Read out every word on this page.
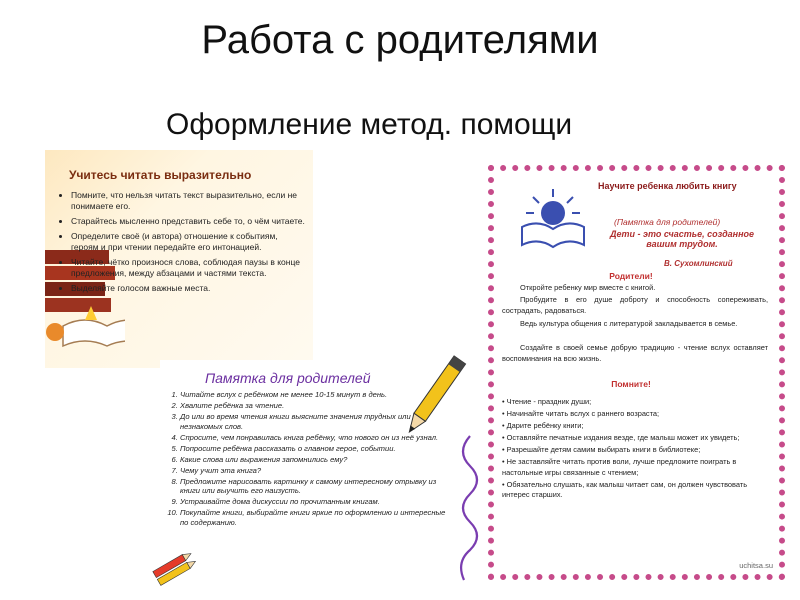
Работа с родителями
Оформление метод. помощи
Учитесь читать выразительно
• Помните, что нельзя читать текст выразительно, если не понимаете его.
• Старайтесь мысленно представить себе то, о чём читаете.
• Определите своё (и автора) отношение к событиям, героям и при чтении передайте его интонацией.
• Читайте, чётко произнося слова, соблюдая паузы в конце предложения, между абзацами и частями текста.
• Выделяйте голосом важные места.
Памятка для родителей
1. Читайте вслух с ребёнком не менее 10-15 минут в день.
2. Хвалите ребёнка за чтение.
3. До или во время чтения книги выясните значения трудных или незнакомых слов.
4. Спросите, чем понравилась книга ребёнку, что нового он из неё узнал.
5. Попросите ребёнка рассказать о главном герое, событии.
6. Какие слова или выражения запомнились ему?
7. Чему учит эта книга?
8. Предложите нарисовать картинку к самому интересному отрывку из книги или выучить его наизусть.
9. Устраивайте дома дискуссии по прочитанным книгам.
10. Покупайте книги, выбирайте книги яркие по оформлению и интересные по содержанию.
Научите ребенка любить книгу
(Памятка для родителей)
Дети - это счастье, созданное вашим трудом.
В. Сухомлинский
Родители!
Откройте ребенку мир вместе с книгой.
Пробудите в его душе доброту и способность сопереживать, сострадать, радоваться.
Ведь культура общения с литературой закладывается в семье.
Создайте в своей семье добрую традицию - чтение вслух оставляет воспоминания на всю жизнь.
Помните!
• Чтение - праздник души;
• Начинайте читать вслух с раннего возраста;
• Дарите ребёнку книги;
• Оставляйте печатные издания везде, где малыш может их увидеть;
• Разрешайте детям самим выбирать книги в библиотеке;
• Не заставляйте читать против воли, лучше предложите поиграть в настольные игры связанные с чтением;
• Обязательно слушать, как малыш читает сам, он должен чувствовать интерес старших.
uchitsa.su
